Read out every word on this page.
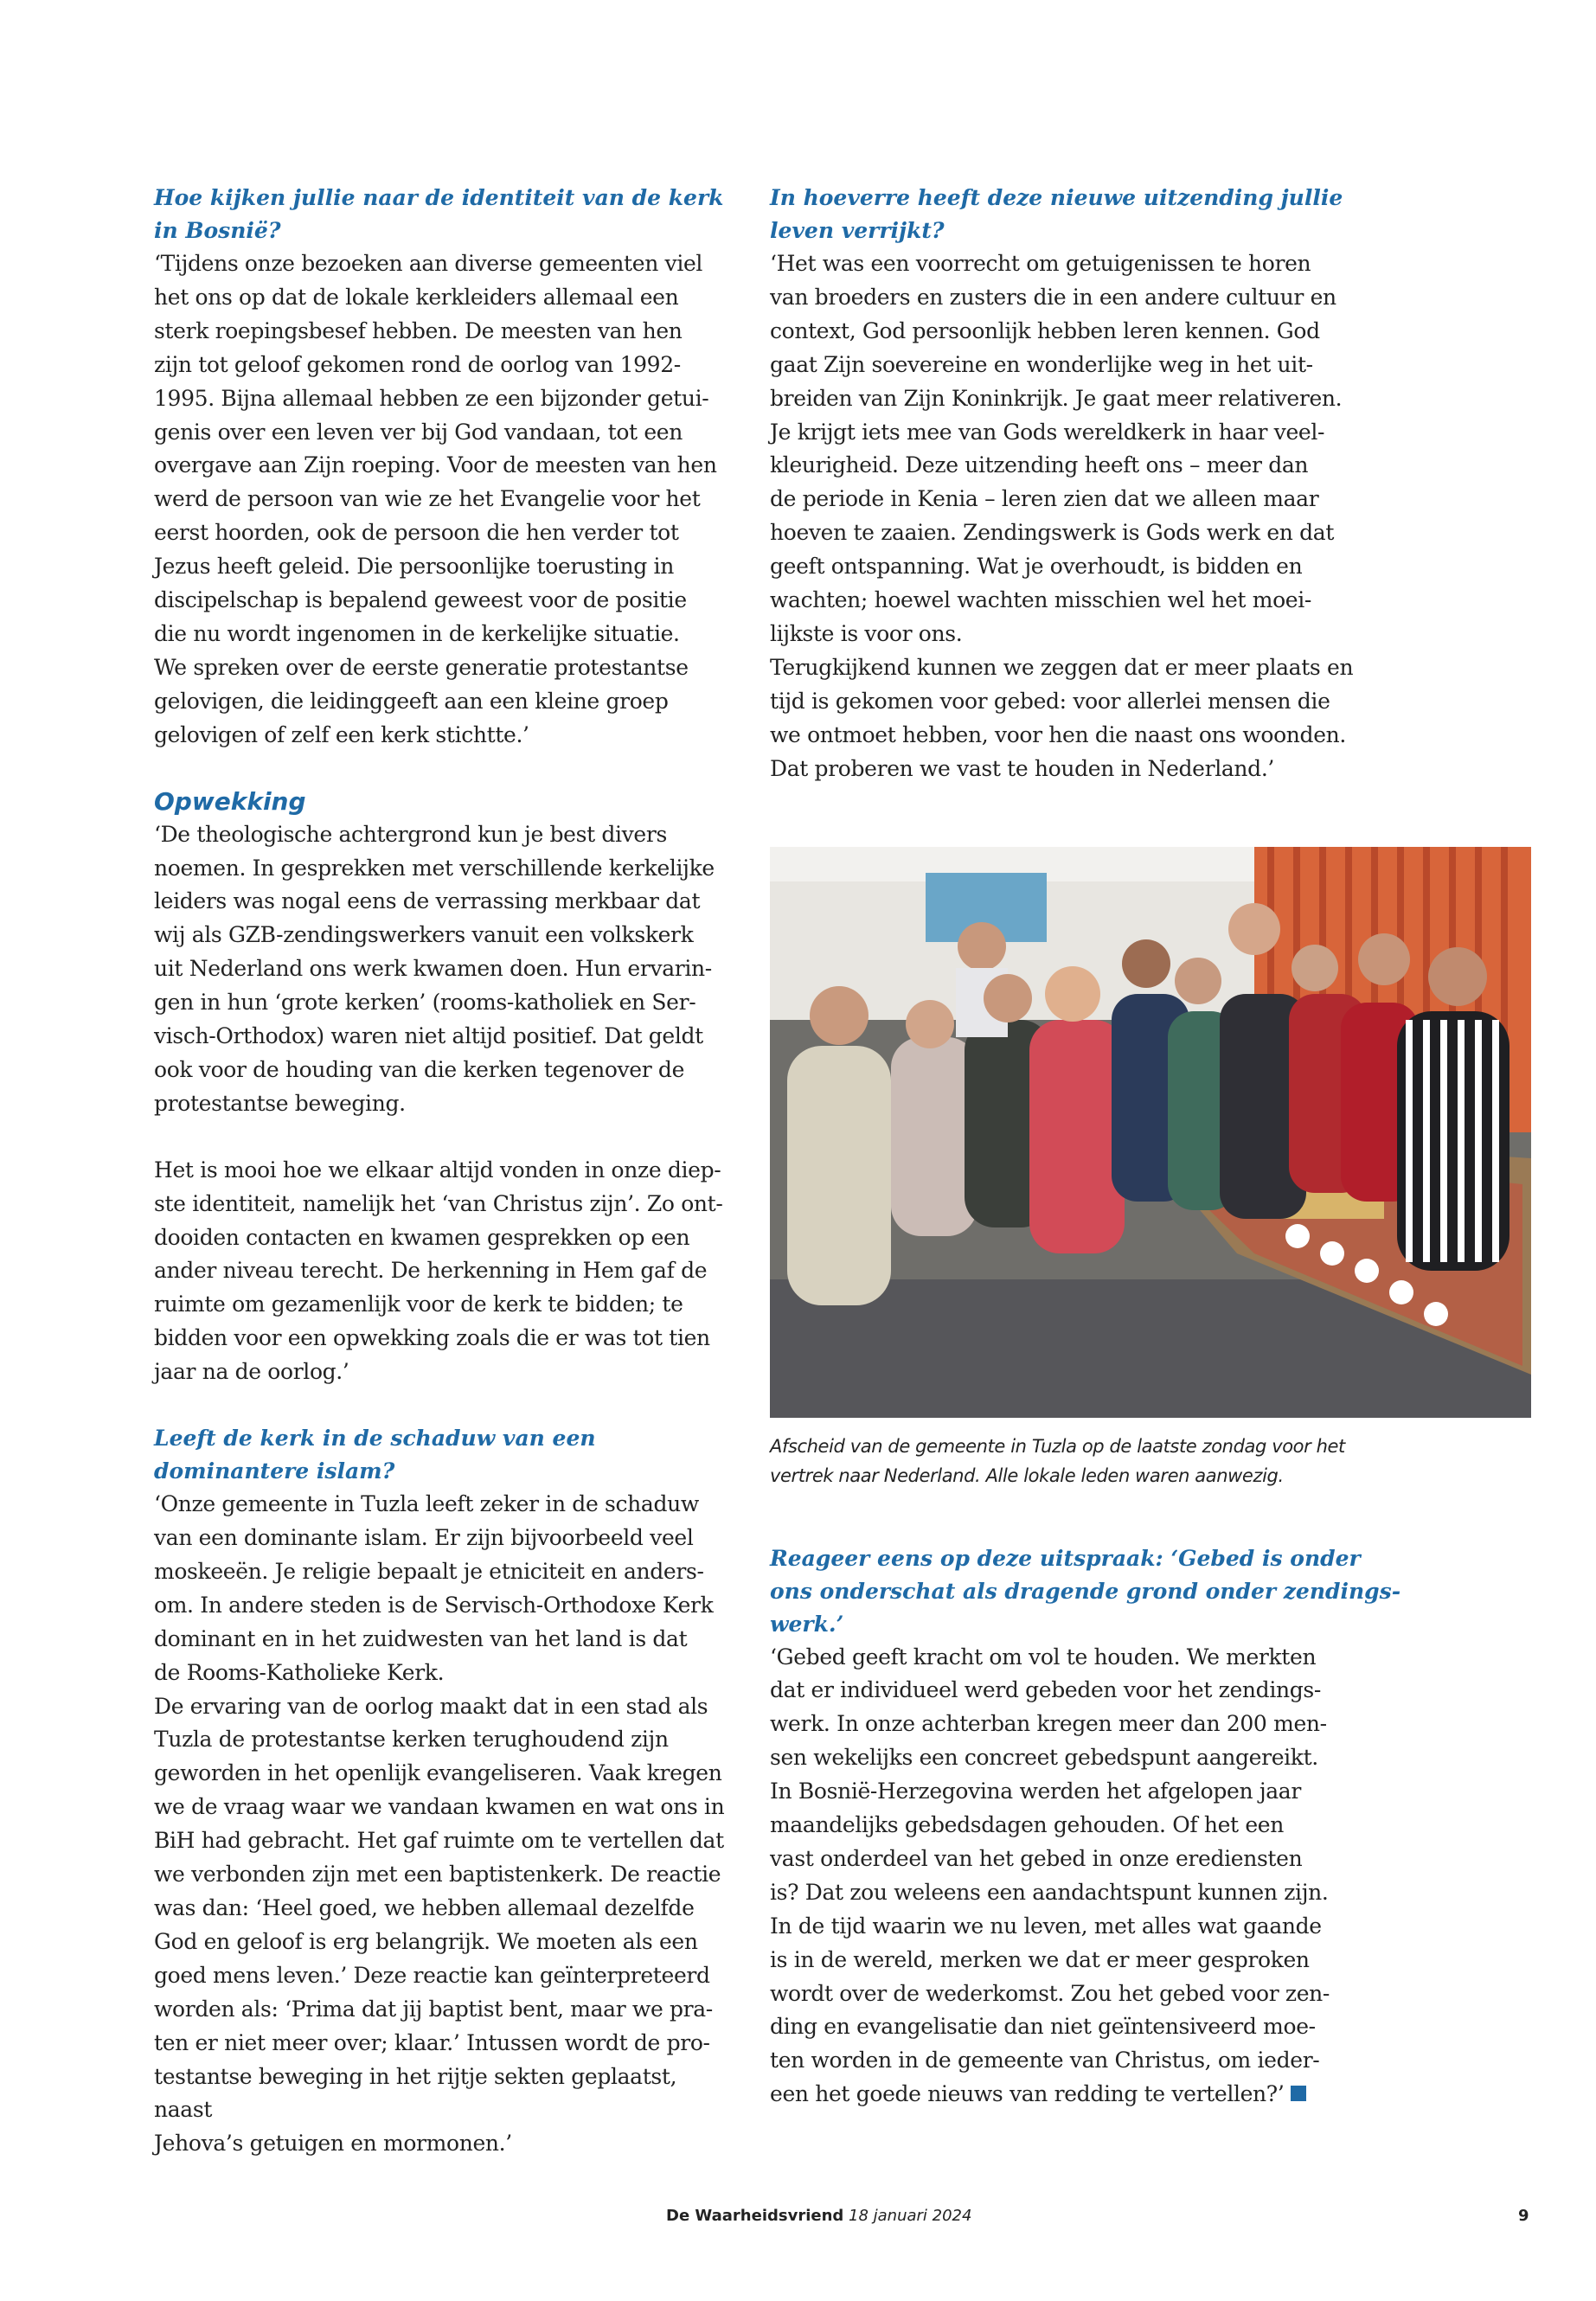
Hoe kijken jullie naar de identiteit van de kerk in Bosnië?

‘Tijdens onze bezoeken aan diverse gemeenten viel
het ons op dat de lokale kerkleiders allemaal een
sterk roepingsbesef hebben. De meesten van hen
zijn tot geloof gekomen rond de oorlog van 1992-
1995. Bijna allemaal hebben ze een bijzonder getui-
genis over een leven ver bij God vandaan, tot een
overgave aan Zijn roeping. Voor de meesten van hen
werd de persoon van wie ze het Evangelie voor het
eerst hoorden, ook de persoon die hen verder tot
Jezus heeft geleid. Die persoonlijke toerusting in
discipelschap is bepalend geweest voor de positie
die nu wordt ingenomen in de kerkelijke situatie.
We spreken over de eerste generatie protestantse
gelovigen, die leidinggeeft aan een kleine groep
gelovigen of zelf een kerk stichtte.’

Opwekking

‘De theologische achtergrond kun je best divers
noemen. In gesprekken met verschillende kerkelijke
leiders was nogal eens de verrassing merkbaar dat
wij als GZB-zendingswerkers vanuit een volkskerk
uit Nederland ons werk kwamen doen. Hun ervarin-
gen in hun ‘grote kerken’ (rooms-katholiek en Ser-
visch-Orthodox) waren niet altijd positief. Dat geldt
ook voor de houding van die kerken tegenover de
protestantse beweging.
Het is mooi hoe we elkaar altijd vonden in onze diep-
ste identiteit, namelijk het ‘van Christus zijn’. Zo ont-
dooiden contacten en kwamen gesprekken op een
ander niveau terecht. De herkenning in Hem gaf de
ruimte om gezamenlijk voor de kerk te bidden; te
bidden voor een opwekking zoals die er was tot tien
jaar na de oorlog.’

Leeft de kerk in de schaduw van een dominantere islam?

‘Onze gemeente in Tuzla leeft zeker in de schaduw
van een dominante islam. Er zijn bijvoorbeeld veel
moskeeën. Je religie bepaalt je etniciteit en anders-
om. In andere steden is de Servisch-Orthodoxe Kerk
dominant en in het zuidwesten van het land is dat
de Rooms-Katholieke Kerk.
De ervaring van de oorlog maakt dat in een stad als
Tuzla de protestantse kerken terughoudend zijn
geworden in het openlijk evangeliseren. Vaak kregen
we de vraag waar we vandaan kwamen en wat ons in
BiH had gebracht. Het gaf ruimte om te vertellen dat
we verbonden zijn met een baptistenkerk. De reactie
was dan: ‘Heel goed, we hebben allemaal dezelfde
God en geloof is erg belangrijk. We moeten als een
goed mens leven.’ Deze reactie kan geïnterpreteerd
worden als: ‘Prima dat jij baptist bent, maar we pra-
ten er niet meer over; klaar.’ Intussen wordt de pro-
testantse beweging in het rijtje sekten geplaatst, naast
Jehova’s getuigen en mormonen.’

In hoeverre heeft deze nieuwe uitzending jullie leven verrijkt?

‘Het was een voorrecht om getuigenissen te horen
van broeders en zusters die in een andere cultuur en
context, God persoonlijk hebben leren kennen. God
gaat Zijn soevereine en wonderlijke weg in het uit-
breiden van Zijn Koninkrijk. Je gaat meer relativeren.
Je krijgt iets mee van Gods wereldkerk in haar veel-
kleurigheid. Deze uitzending heeft ons – meer dan
de periode in Kenia – leren zien dat we alleen maar
hoeven te zaaien. Zendingswerk is Gods werk en dat
geeft ontspanning. Wat je overhoudt, is bidden en
wachten; hoewel wachten misschien wel het moei-
lijkste is voor ons.
Terugkijkend kunnen we zeggen dat er meer plaats en
tijd is gekomen voor gebed: voor allerlei mensen die
we ontmoet hebben, voor hen die naast ons woonden.
Dat proberen we vast te houden in Nederland.’

Afscheid van de gemeente in Tuzla op de laatste zondag voor het vertrek naar Nederland. Alle lokale leden waren aanwezig.

Reageer eens op deze uitspraak: ‘Gebed is onder ons onderschat als dragende grond onder zendings-werk.’

‘Gebed geeft kracht om vol te houden. We merkten
dat er individueel werd gebeden voor het zendings-
werk. In onze achterban kregen meer dan 200 men-
sen wekelijks een concreet gebedspunt aangereikt.
In Bosnië-Herzegovina werden het afgelopen jaar
maandelijks gebedsdagen gehouden. Of het een
vast onderdeel van het gebed in onze erediensten
is? Dat zou weleens een aandachtspunt kunnen zijn.
In de tijd waarin we nu leven, met alles wat gaande
is in de wereld, merken we dat er meer gesproken
wordt over de wederkomst. Zou het gebed voor zen-
ding en evangelisatie dan niet geïntensiveerd moe-
ten worden in de gemeente van Christus, om ieder-
een het goede nieuws van redding te vertellen?’
De Waarheidsvriend 18 januari 2024	9
